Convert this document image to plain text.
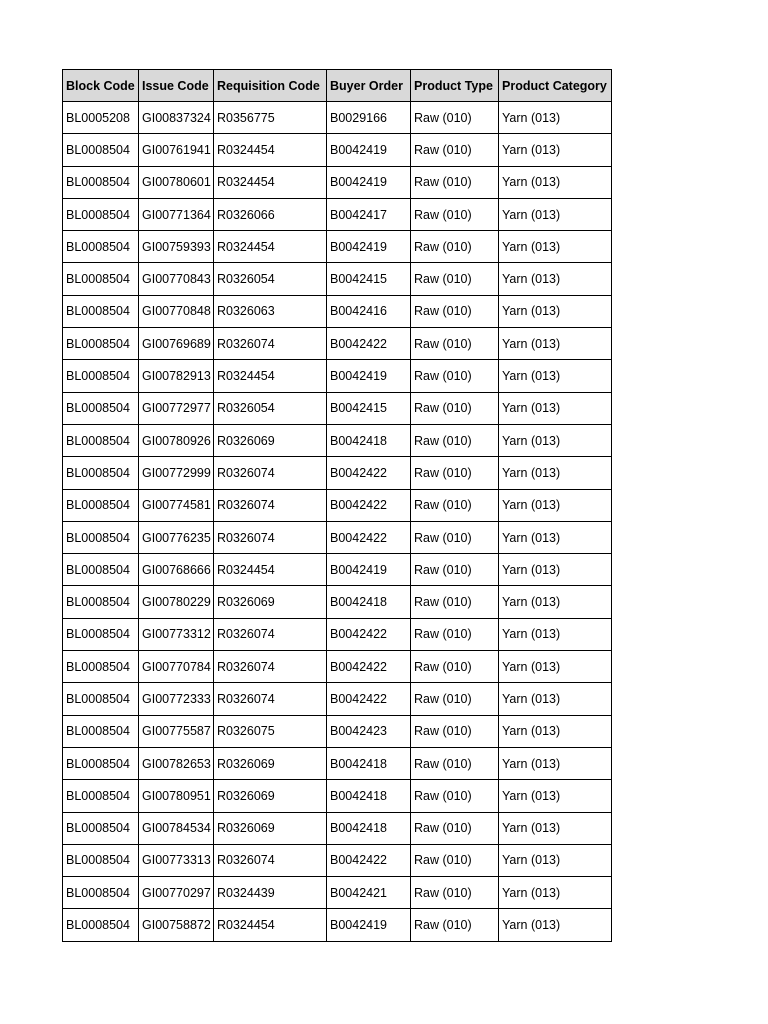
Block Code	Issue Code	Requisition Code	Buyer Order	Product Type	Product Category
BL0005208	GI00837324	R0356775	B0029166	Raw (010)	Yarn (013)
BL0008504	GI00761941	R0324454	B0042419	Raw (010)	Yarn (013)
BL0008504	GI00780601	R0324454	B0042419	Raw (010)	Yarn (013)
BL0008504	GI00771364	R0326066	B0042417	Raw (010)	Yarn (013)
BL0008504	GI00759393	R0324454	B0042419	Raw (010)	Yarn (013)
BL0008504	GI00770843	R0326054	B0042415	Raw (010)	Yarn (013)
BL0008504	GI00770848	R0326063	B0042416	Raw (010)	Yarn (013)
BL0008504	GI00769689	R0326074	B0042422	Raw (010)	Yarn (013)
BL0008504	GI00782913	R0324454	B0042419	Raw (010)	Yarn (013)
BL0008504	GI00772977	R0326054	B0042415	Raw (010)	Yarn (013)
BL0008504	GI00780926	R0326069	B0042418	Raw (010)	Yarn (013)
BL0008504	GI00772999	R0326074	B0042422	Raw (010)	Yarn (013)
BL0008504	GI00774581	R0326074	B0042422	Raw (010)	Yarn (013)
BL0008504	GI00776235	R0326074	B0042422	Raw (010)	Yarn (013)
BL0008504	GI00768666	R0324454	B0042419	Raw (010)	Yarn (013)
BL0008504	GI00780229	R0326069	B0042418	Raw (010)	Yarn (013)
BL0008504	GI00773312	R0326074	B0042422	Raw (010)	Yarn (013)
BL0008504	GI00770784	R0326074	B0042422	Raw (010)	Yarn (013)
BL0008504	GI00772333	R0326074	B0042422	Raw (010)	Yarn (013)
BL0008504	GI00775587	R0326075	B0042423	Raw (010)	Yarn (013)
BL0008504	GI00782653	R0326069	B0042418	Raw (010)	Yarn (013)
BL0008504	GI00780951	R0326069	B0042418	Raw (010)	Yarn (013)
BL0008504	GI00784534	R0326069	B0042418	Raw (010)	Yarn (013)
BL0008504	GI00773313	R0326074	B0042422	Raw (010)	Yarn (013)
BL0008504	GI00770297	R0324439	B0042421	Raw (010)	Yarn (013)
BL0008504	GI00758872	R0324454	B0042419	Raw (010)	Yarn (013)
